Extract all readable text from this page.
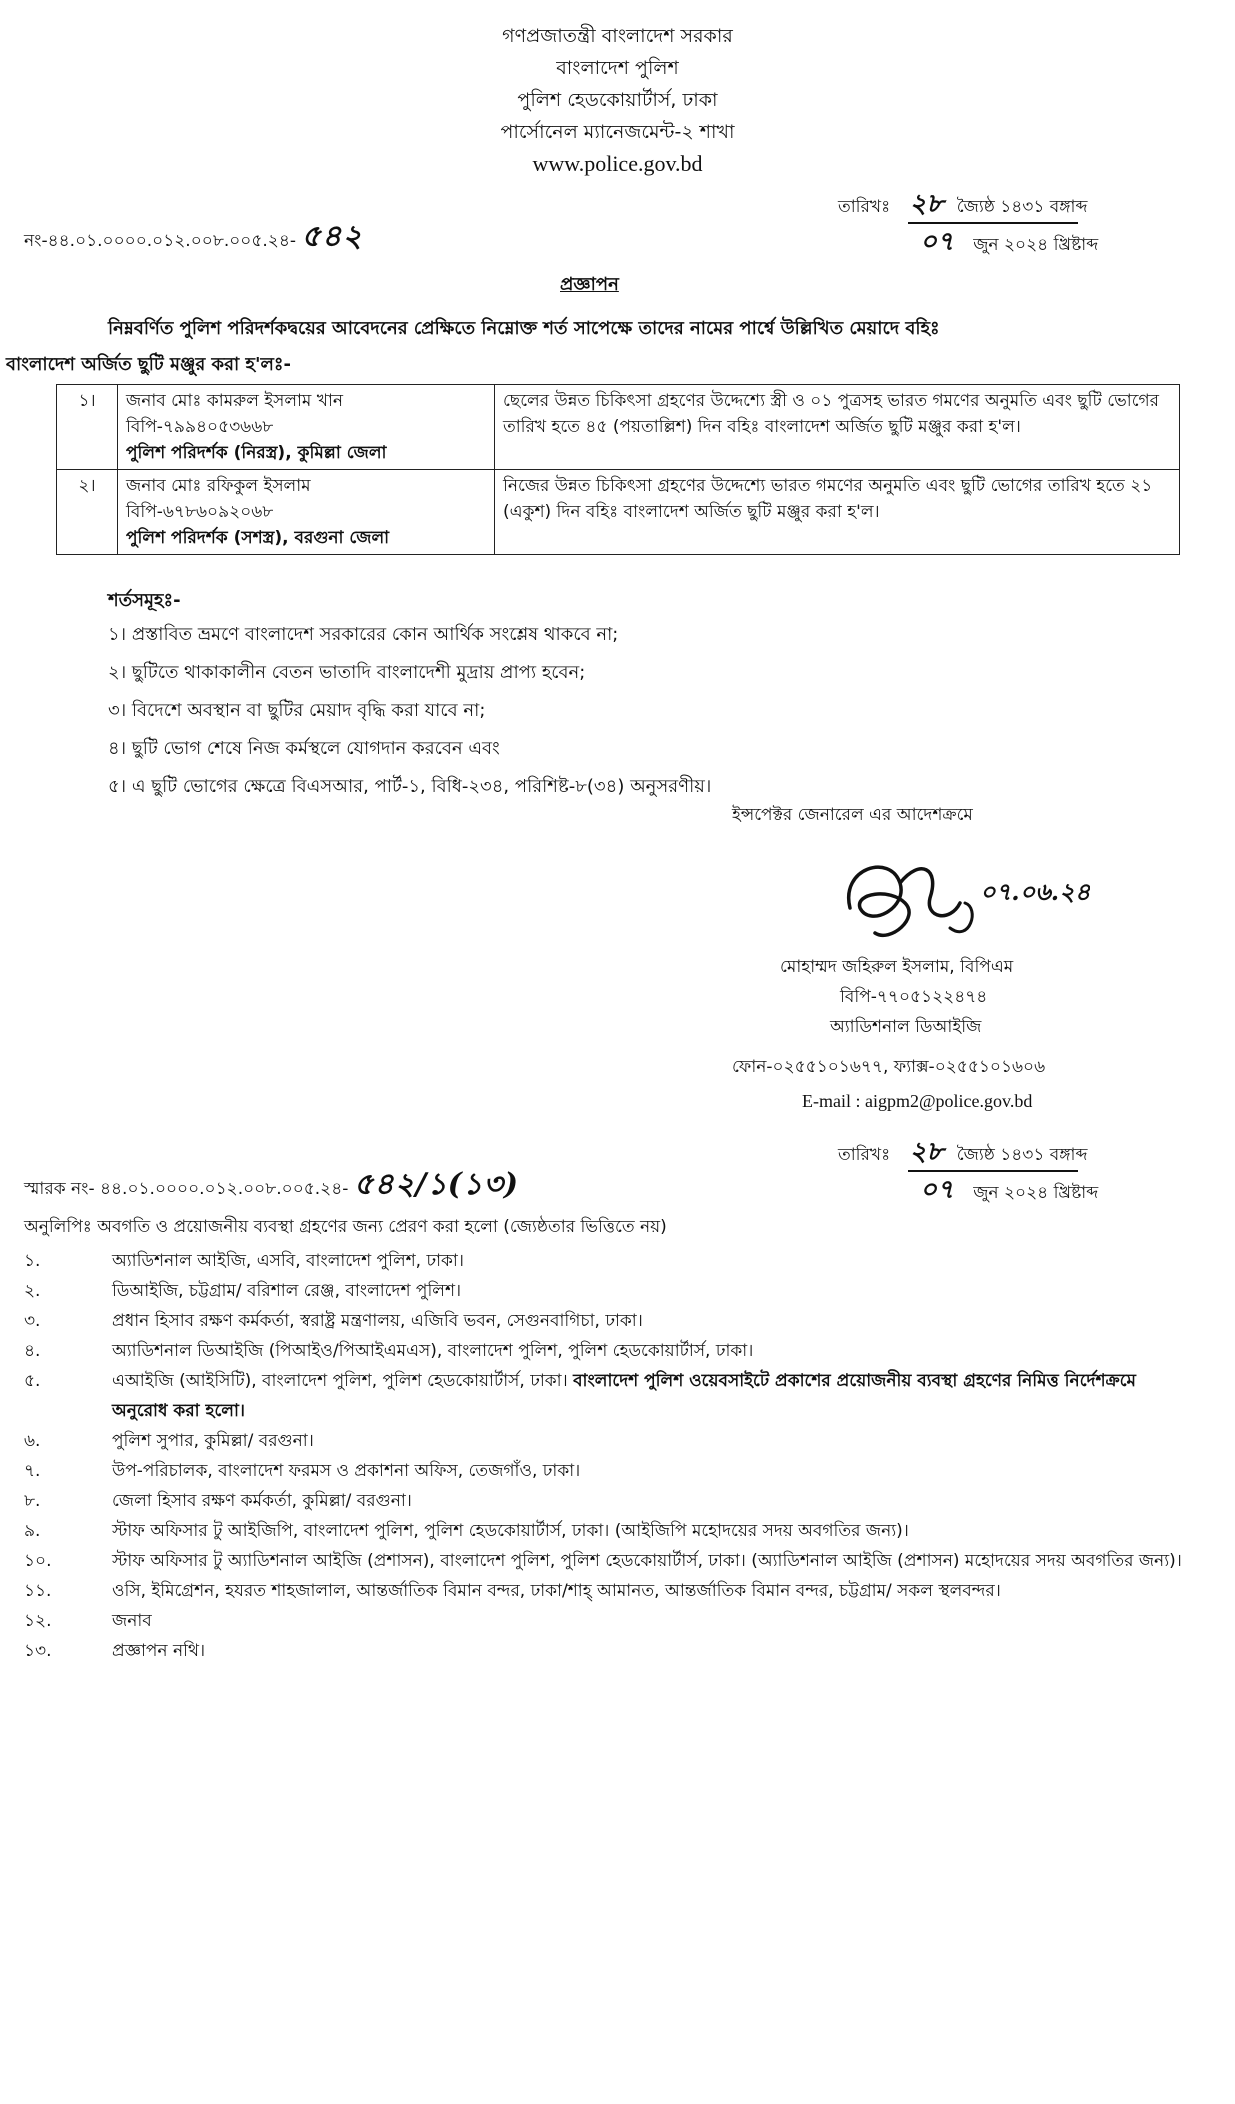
গণপ্রজাতন্ত্রী বাংলাদেশ সরকার
বাংলাদেশ পুলিশ
পুলিশ হেডকোয়ার্টার্স, ঢাকা
পার্সোনেল ম্যানেজমেন্ট-২ শাখা
www.police.gov.bd
নং-৪৪.০১.০০০০.০১২.০০৮.০০৫.২৪- ৫৪২
তারিখঃ ২৮ জ্যৈষ্ঠ ১৪৩১ বঙ্গাব্দ
০৭ জুন ২০২৪ খ্রিষ্টাব্দ
প্রজ্ঞাপন
নিম্নবর্ণিত পুলিশ পরিদর্শকদ্বয়ের আবেদনের প্রেক্ষিতে নিম্নোক্ত শর্ত সাপেক্ষে তাদের নামের পার্শ্বে উল্লিখিত মেয়াদে বহিঃ
বাংলাদেশ অর্জিত ছুটি মঞ্জুর করা হ'লঃ-
১।	জনাব মোঃ কামরুল ইসলাম খান
বিপি-৭৯৯৪০৫৩৬৬৮
পুলিশ পরিদর্শক (নিরস্ত্র), কুমিল্লা জেলা	ছেলের উন্নত চিকিৎসা গ্রহণের উদ্দেশ্যে স্ত্রী ও ০১ পুত্রসহ ভারত গমণের অনুমতি এবং ছুটি ভোগের তারিখ হতে ৪৫ (পয়তাল্লিশ) দিন বহিঃ বাংলাদেশ অর্জিত ছুটি মঞ্জুর করা হ'ল।
২।	জনাব মোঃ রফিকুল ইসলাম
বিপি-৬৭৮৬০৯২০৬৮
পুলিশ পরিদর্শক (সশস্ত্র), বরগুনা জেলা	নিজের উন্নত চিকিৎসা গ্রহণের উদ্দেশ্যে ভারত গমণের অনুমতি এবং ছুটি ভোগের তারিখ হতে ২১ (একুশ) দিন বহিঃ বাংলাদেশ অর্জিত ছুটি মঞ্জুর করা হ'ল।
শর্তসমূহঃ-
১। প্রস্তাবিত ভ্রমণে বাংলাদেশ সরকারের কোন আর্থিক সংশ্লেষ থাকবে না;
২। ছুটিতে থাকাকালীন বেতন ভাতাদি বাংলাদেশী মুদ্রায় প্রাপ্য হবেন;
৩। বিদেশে অবস্থান বা ছুটির মেয়াদ বৃদ্ধি করা যাবে না;
৪। ছুটি ভোগ শেষে নিজ কর্মস্থলে যোগদান করবেন এবং
৫। এ ছুটি ভোগের ক্ষেত্রে বিএসআর, পার্ট-১, বিধি-২৩৪, পরিশিষ্ট-৮(৩৪) অনুসরণীয়।
ইন্সপেক্টর জেনারেল এর আদেশক্রমে
০৭.০৬.২৪
মোহাম্মদ জহিরুল ইসলাম, বিপিএম
বিপি-৭৭০৫১২২৪৭৪
অ্যাডিশনাল ডিআইজি
ফোন-০২৫৫১০১৬৭৭, ফ্যাক্স-০২৫৫১০১৬০৬
E-mail : aigpm2@police.gov.bd
স্মারক নং- ৪৪.০১.০০০০.০১২.০০৮.০০৫.২৪- ৫৪২/১(১৩)
তারিখঃ ২৮ জ্যৈষ্ঠ ১৪৩১ বঙ্গাব্দ
০৭ জুন ২০২৪ খ্রিষ্টাব্দ
অনুলিপিঃ অবগতি ও প্রয়োজনীয় ব্যবস্থা গ্রহণের জন্য প্রেরণ করা হলো (জ্যেষ্ঠতার ভিত্তিতে নয়)
১.	অ্যাডিশনাল আইজি, এসবি, বাংলাদেশ পুলিশ, ঢাকা।
২.	ডিআইজি, চট্টগ্রাম/ বরিশাল রেঞ্জ, বাংলাদেশ পুলিশ।
৩.	প্রধান হিসাব রক্ষণ কর্মকর্তা, স্বরাষ্ট্র মন্ত্রণালয়, এজিবি ভবন, সেগুনবাগিচা, ঢাকা।
৪.	অ্যাডিশনাল ডিআইজি (পিআইও/পিআইএমএস), বাংলাদেশ পুলিশ, পুলিশ হেডকোয়ার্টার্স, ঢাকা।
৫.	এআইজি (আইসিটি), বাংলাদেশ পুলিশ, পুলিশ হেডকোয়ার্টার্স, ঢাকা। বাংলাদেশ পুলিশ ওয়েবসাইটে প্রকাশের প্রয়োজনীয় ব্যবস্থা গ্রহণের নিমিত্ত নির্দেশক্রমে অনুরোধ করা হলো।
৬.	পুলিশ সুপার, কুমিল্লা/ বরগুনা।
৭.	উপ-পরিচালক, বাংলাদেশ ফরমস ও প্রকাশনা অফিস, তেজগাঁও, ঢাকা।
৮.	জেলা হিসাব রক্ষণ কর্মকর্তা, কুমিল্লা/ বরগুনা।
৯.	স্টাফ অফিসার টু আইজিপি, বাংলাদেশ পুলিশ, পুলিশ হেডকোয়ার্টার্স, ঢাকা। (আইজিপি মহোদয়ের সদয় অবগতির জন্য)।
১০.	স্টাফ অফিসার টু অ্যাডিশনাল আইজি (প্রশাসন), বাংলাদেশ পুলিশ, পুলিশ হেডকোয়ার্টার্স, ঢাকা। (অ্যাডিশনাল আইজি (প্রশাসন) মহোদয়ের সদয় অবগতির জন্য)।
১১.	ওসি, ইমিগ্রেশন, হযরত শাহজালাল, আন্তর্জাতিক বিমান বন্দর, ঢাকা/শাহ্ আমানত, আন্তর্জাতিক বিমান বন্দর, চট্টগ্রাম/ সকল স্থলবন্দর।
১২.	জনাব
১৩.	প্রজ্ঞাপন নথি।
